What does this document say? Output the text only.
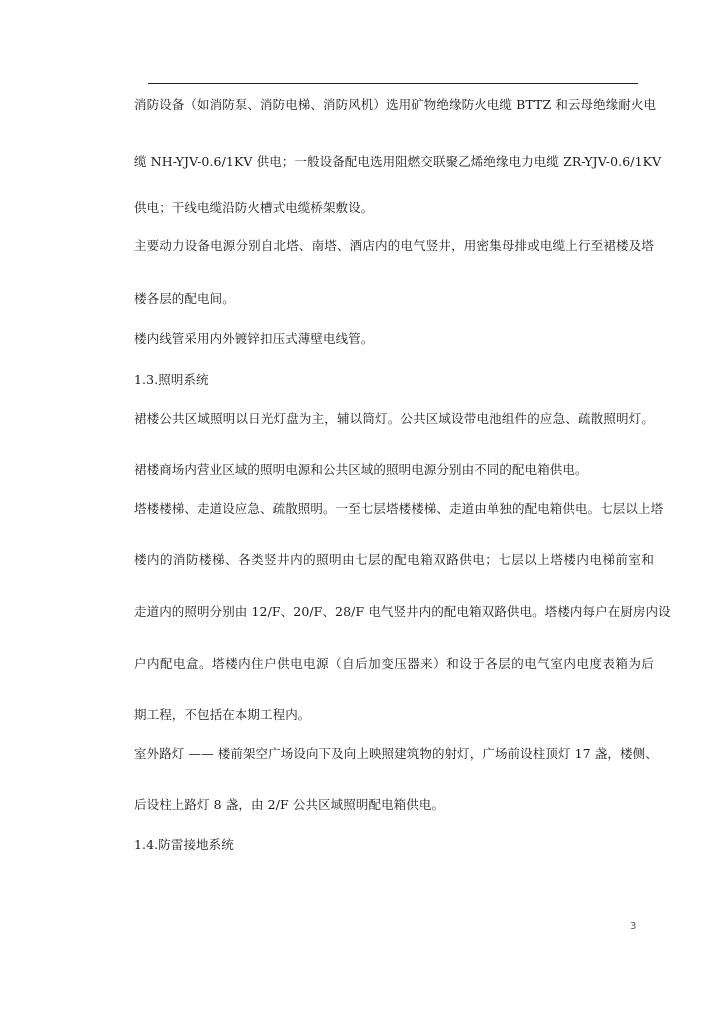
消防设备（如消防泵、消防电梯、消防风机）选用矿物绝缘防火电缆 BTTZ 和云母绝缘耐火电
缆 NH-YJV-0.6/1KV 供电；一般设备配电选用阻燃交联聚乙烯绝缘电力电缆 ZR-YJV-0.6/1KV
供电；干线电缆沿防火槽式电缆桥架敷设。
主要动力设备电源分别自北塔、南塔、酒店内的电气竖井，用密集母排或电缆上行至裙楼及塔
楼各层的配电间。
楼内线管采用内外镀锌扣压式薄壁电线管。
1.3.照明系统
裙楼公共区域照明以日光灯盘为主，辅以筒灯。公共区域设带电池组件的应急、疏散照明灯。
裙楼商场内营业区域的照明电源和公共区域的照明电源分别由不同的配电箱供电。
塔楼楼梯、走道设应急、疏散照明。一至七层塔楼楼梯、走道由单独的配电箱供电。七层以上塔
楼内的消防楼梯、各类竖井内的照明由七层的配电箱双路供电；七层以上塔楼内电梯前室和
走道内的照明分别由 12/F、20/F、28/F 电气竖井内的配电箱双路供电。塔楼内每户在厨房内设
户内配电盒。塔楼内住户供电电源（自后加变压器来）和设于各层的电气室内电度表箱为后
期工程，不包括在本期工程内。
室外路灯 —— 楼前架空广场设向下及向上映照建筑物的射灯，广场前设柱顶灯 17 盏，楼侧、
后设柱上路灯 8 盏，由 2/F 公共区域照明配电箱供电。
1.4.防雷接地系统
3
